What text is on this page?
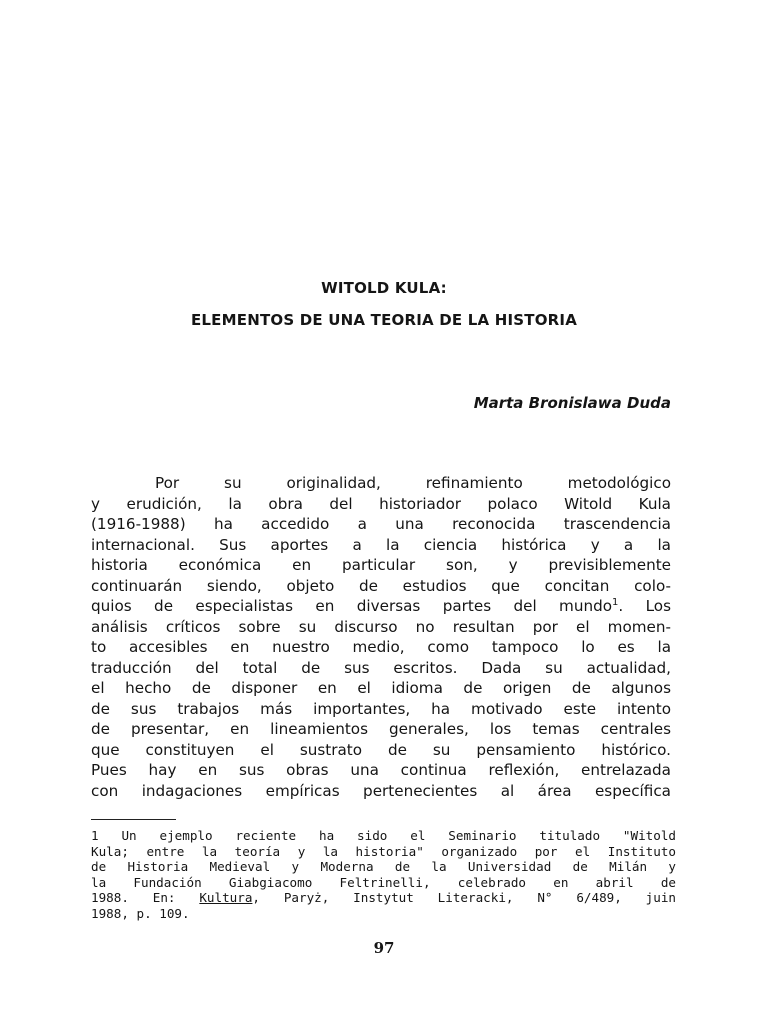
WITOLD KULA:
ELEMENTOS DE UNA TEORIA DE LA HISTORIA
Marta Bronislawa Duda
Por su originalidad, refinamiento metodológico
y erudición, la obra del historiador polaco Witold Kula
(1916-1988) ha accedido a una reconocida trascendencia
internacional. Sus aportes a la ciencia histórica y a la
historia económica en particular son, y previsiblemente
continuarán siendo, objeto de estudios que concitan colo-
quios de especialistas en diversas partes del mundo$^1$. Los
análisis críticos sobre su discurso no resultan por el momen-
to accesibles en nuestro medio, como tampoco lo es la
traducción del total de sus escritos. Dada su actualidad,
el hecho de disponer en el idioma de origen de algunos
de sus trabajos más importantes, ha motivado este intento
de presentar, en lineamientos generales, los temas centrales
que constituyen el sustrato de su pensamiento histórico.
Pues hay en sus obras una continua reflexión, entrelazada
con indagaciones empíricas pertenecientes al área específica
1 Un ejemplo reciente ha sido el Seminario titulado "Witold
Kula; entre la teoría y la historia" organizado por el Instituto
de Historia Medieval y Moderna de la Universidad de Milán y
la Fundación Giabgiacomo Feltrinelli, celebrado en abril de
1988. En: Kultura, Paryż, Instytut Literacki, N° 6/489, juin
1988, p. 109.
97
